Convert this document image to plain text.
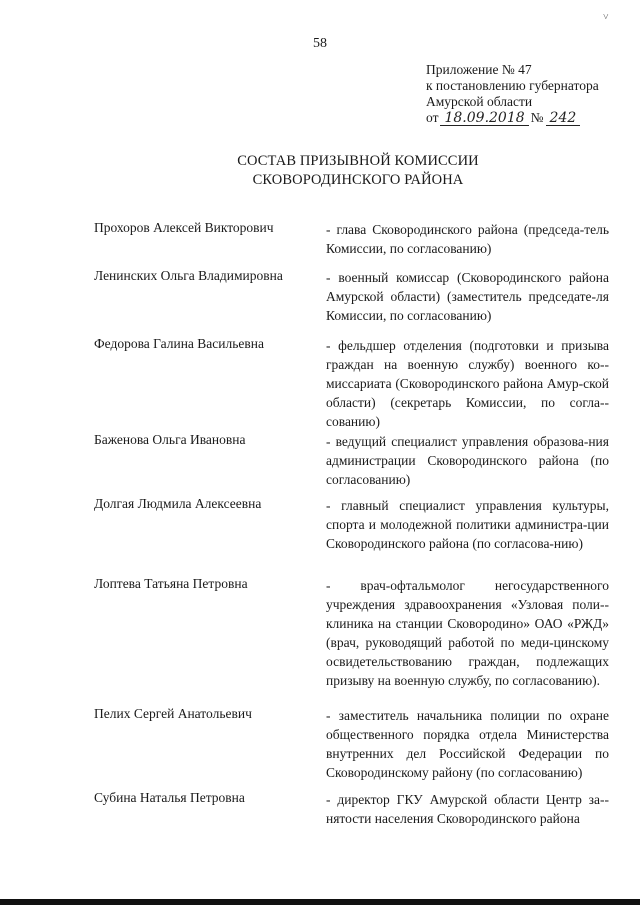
˅
58
Приложение № 47
к постановлению губернатора
Амурской области
от 18.09.2018 № 242
СОСТАВ ПРИЗЫВНОЙ КОМИССИИ
СКОВОРОДИНСКОГО РАЙОНА
Прохоров Алексей Викторович	- глава Сковородинского района (председа-тель Комиссии, по согласованию)
Ленинских Ольга Владимировна	- военный комиссар (Сковородинского района Амурской области) (заместитель председате-ля Комиссии, по согласованию)
Федорова Галина Васильевна	- фельдшер отделения (подготовки и призыва граждан на военную службу) военного ко-миссариата (Сковородинского района Амур-ской области) (секретарь Комиссии, по согла-сованию)
Баженова Ольга Ивановна	- ведущий специалист управления образова-ния администрации Сковородинского района (по согласованию)
Долгая Людмила Алексеевна	- главный специалист управления культуры, спорта и молодежной политики администра-ции Сковородинского района (по согласова-нию)
Лоптева Татьяна Петровна	- врач-офтальмолог негосударственного учреждения здравоохранения «Узловая поли-клиника на станции Сковородино» ОАО «РЖД» (врач, руководящий работой по меди-цинскому освидетельствованию граждан, подлежащих призыву на военную службу, по согласованию).
Пелих Сергей Анатольевич	- заместитель начальника полиции по охране общественного порядка отдела Министерства внутренних дел Российской Федерации по Сковородинскому району (по согласованию)
Субина Наталья Петровна	- директор ГКУ Амурской области Центр за-нятости населения Сковородинского района
